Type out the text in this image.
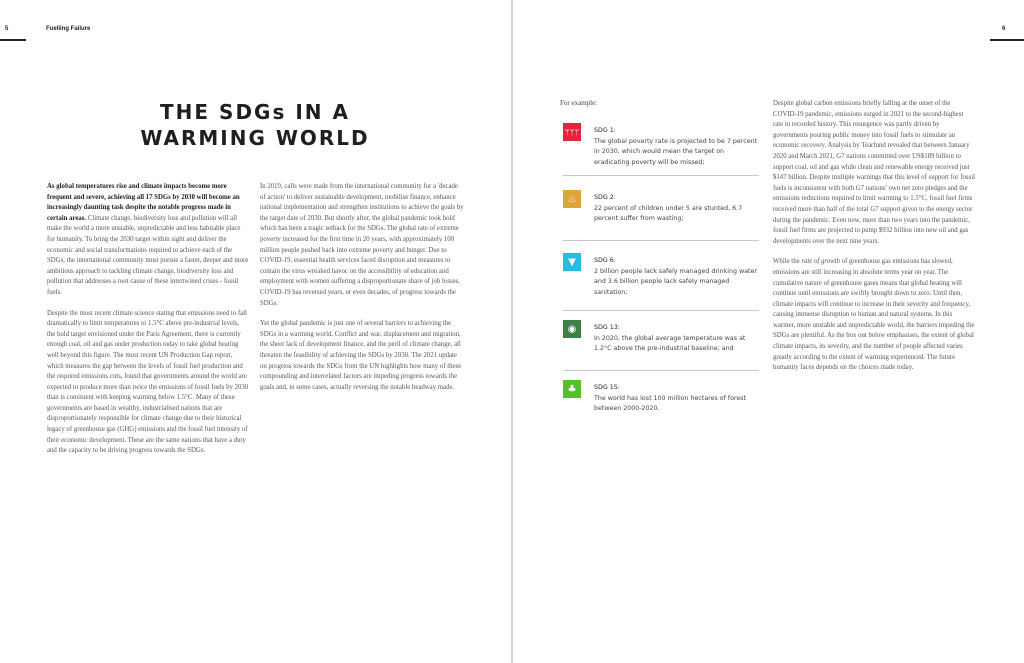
5	Fuelling Failure
THE SDGs IN A
WARMING WORLD

As global temperatures rise and climate impacts become more frequent and severe, achieving all 17 SDGs by 2030 will become an increasingly daunting task despite the notable progress made in certain areas. Climate change, biodiversity loss and pollution will all make the world a more unstable, unpredictable and less habitable place for humanity. To bring the 2030 target within sight and deliver the economic and social transformations required to achieve each of the SDGs, the international community must pursue a faster, deeper and more ambitious approach to tackling climate change, biodiversity loss and pollution that addresses a root cause of these intertwined crises - fossil fuels.

Despite the most recent climate science stating that emissions need to fall dramatically to limit temperatures to 1.5°C above pre-industrial levels, the bold target envisioned under the Paris Agreement, there is currently enough coal, oil and gas under production today to take global heating well beyond this figure. The most recent UN Production Gap report, which measures the gap between the levels of fossil fuel production and the required emissions cuts, found that governments around the world are expected to produce more than twice the emissions of fossil fuels by 2030 than is consistent with keeping warming below 1.5°C. Many of these governments are based in wealthy, industrialised nations that are disproportionately responsible for climate change due to their historical legacy of greenhouse gas (GHG) emissions and the fossil fuel intensity of their economic development. These are the same nations that have a duty and the capacity to be driving progress towards the SDGs.

In 2019, calls were made from the international community for a 'decade of action' to deliver sustainable development, mobilise finance, enhance national implementation and strengthen institutions to achieve the goals by the target date of 2030. But shortly after, the global pandemic took hold which has been a tragic setback for the SDGs. The global rate of extreme poverty increased for the first time in 20 years, with approximately 100 million people pushed back into extreme poverty and hunger. Due to COVID-19, essential health services faced disruption and measures to contain the virus wreaked havoc on the accessibility of education and employment with women suffering a disproportionate share of job losses. COVID-19 has reversed years, or even decades, of progress towards the SDGs.

Yet the global pandemic is just one of several barriers to achieving the SDGs in a warming world. Conflict and war, displacement and migration, the sheer lack of development finance, and the peril of climate change, all threaten the feasibility of achieving the SDGs by 2030. The 2021 update on progress towards the SDGs from the UN highlights how many of these compounding and interrelated factors are impeding progress towards the goals and, in some cases, actually reversing the notable headway made.

6
For example:
ᛘᛘᛘ SDG 1:
The global poverty rate is projected to be 7 percent in 2030, which would mean the target on eradicating poverty will be missed;
♨	SDG 2:
22 percent of children under 5 are stunted, 6.7 percent suffer from wasting;
▼	SDG 6:
2 billion people lack safely managed drinking water and 3.6 billion people lack safely managed sanitation;
◉	SDG 13:
In 2020, the global average temperature was at 1.2°C above the pre-industrial baseline; and
♣	SDG 15:
The world has lost 100 million hectares of forest between 2000-2020.

Despite global carbon emissions briefly falling at the onset of the COVID-19 pandemic, emissions surged in 2021 to the second-highest rate in recorded history. This resurgence was partly driven by governments pouring public money into fossil fuels to stimulate an economic recovery. Analysis by Tearfund revealed that between January 2020 and March 2021, G7 nations committed over US$189 billion to support coal, oil and gas while clean and renewable energy received just $147 billion. Despite multiple warnings that this level of support for fossil fuels is inconsistent with both G7 nations' own net zero pledges and the emissions reductions required to limit warming to 1.5°C, fossil fuel firms received more than half of the total G7 support given to the energy sector during the pandemic. Even now, more than two years into the pandemic, fossil fuel firms are projected to pump $932 billion into new oil and gas developments over the next nine years.

While the rate of growth of greenhouse gas emissions has slowed, emissions are still increasing in absolute terms year on year. The cumulative nature of greenhouse gases means that global heating will continue until emissions are swiftly brought down to zero. Until then, climate impacts will continue to increase in their severity and frequency, causing immense disruption to human and natural systems. In this warmer, more unstable and unpredictable world, the barriers impeding the SDGs are plentiful. As the box out below emphasises, the extent of global climate impacts, its severity, and the number of people affected varies greatly according to the extent of warming experienced. The future humanity faces depends on the choices made today.
